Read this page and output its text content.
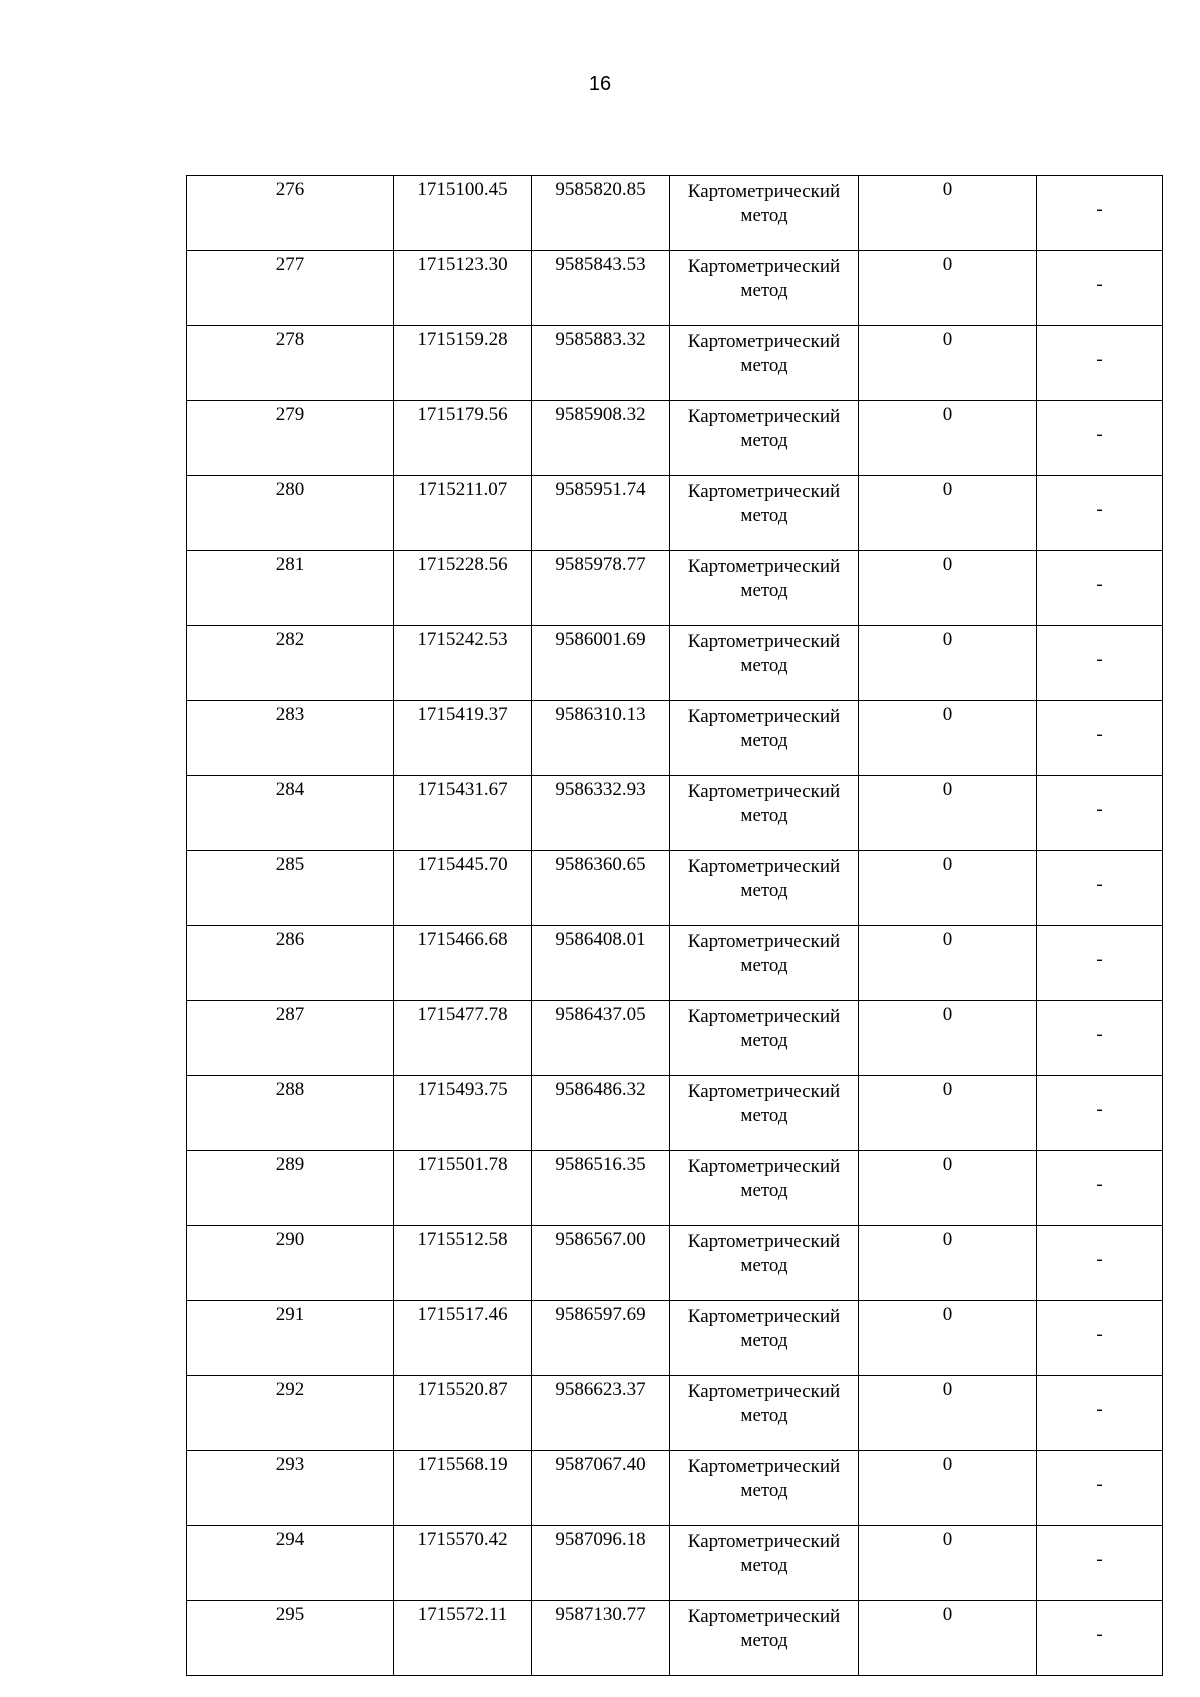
16
276	1715100.45	9585820.85	Картометрический метод	0	-
277	1715123.30	9585843.53	Картометрический метод	0	-
278	1715159.28	9585883.32	Картометрический метод	0	-
279	1715179.56	9585908.32	Картометрический метод	0	-
280	1715211.07	9585951.74	Картометрический метод	0	-
281	1715228.56	9585978.77	Картометрический метод	0	-
282	1715242.53	9586001.69	Картометрический метод	0	-
283	1715419.37	9586310.13	Картометрический метод	0	-
284	1715431.67	9586332.93	Картометрический метод	0	-
285	1715445.70	9586360.65	Картометрический метод	0	-
286	1715466.68	9586408.01	Картометрический метод	0	-
287	1715477.78	9586437.05	Картометрический метод	0	-
288	1715493.75	9586486.32	Картометрический метод	0	-
289	1715501.78	9586516.35	Картометрический метод	0	-
290	1715512.58	9586567.00	Картометрический метод	0	-
291	1715517.46	9586597.69	Картометрический метод	0	-
292	1715520.87	9586623.37	Картометрический метод	0	-
293	1715568.19	9587067.40	Картометрический метод	0	-
294	1715570.42	9587096.18	Картометрический метод	0	-
295	1715572.11	9587130.77	Картометрический метод	0	-
